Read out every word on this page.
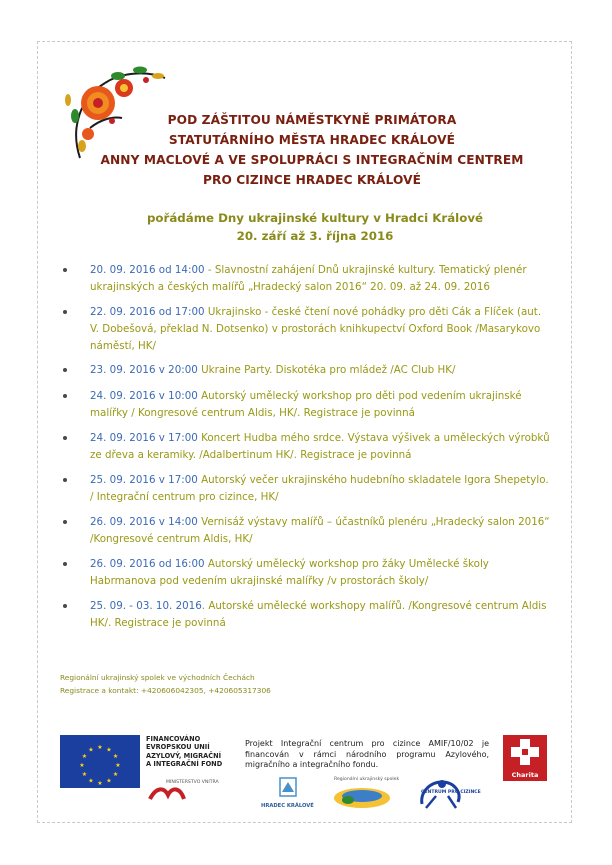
POD ZÁŠTITOU NÁMĚSTKYNĚ PRIMÁTORA
STATUTÁRNÍHO MĚSTA HRADEC KRÁLOVÉ
ANNY MACLOVÉ A VE SPOLUPRÁCI S INTEGRAČNÍM CENTREM
PRO CIZINCE HRADEC KRÁLOVÉ
pořádáme Dny ukrajinské kultury v Hradci Králové
20. září až 3. října 2016
20. 09. 2016 od 14:00 - Slavnostní zahájení Dnů ukrajinské kultury. Tematický plenér ukrajinských a českých malířů „Hradecký salon 2016“ 20. 09. až 24. 09. 2016
22. 09. 2016 od 17:00 Ukrajinsko - české čtení nové pohádky pro děti Cák a Flíček (aut. V. Dobešová, překlad N. Dotsenko) v prostorách knihkupectví Oxford Book /Masarykovo náměstí, HK/
23. 09. 2016 v 20:00 Ukraine Party. Diskotéka pro mládež /AC Club HK/
24. 09. 2016 v 10:00 Autorský umělecký workshop pro děti pod vedením ukrajinské malířky / Kongresové centrum Aldis, HK/. Registrace je povinná
24. 09. 2016 v 17:00 Koncert Hudba mého srdce. Výstava výšivek a uměleckých výrobků ze dřeva a keramiky. /Adalbertinum HK/. Registrace je povinná
25. 09. 2016 v 17:00 Autorský večer ukrajinského hudebního skladatele Igora Shepetylo. / Integrační centrum pro cizince, HK/
26. 09. 2016 v 14:00 Vernisáž výstavy malířů – účastníků plenéru „Hradecký salon 2016“ /Kongresové centrum Aldis, HK/
26. 09. 2016 od 16:00 Autorský umělecký workshop pro žáky Umělecké školy Habrmanova pod vedením ukrajinské malířky /v prostorách školy/
25. 09. - 03. 10. 2016. Autorské umělecké workshopy malířů. /Kongresové centrum Aldis HK/. Registrace je povinná
Regionální ukrajinský spolek ve východních Čechách
Registrace a kontakt: +420606042305, +420605317306
★ ★
★
★
★
★
★
★
★
★
★
★
FINANCOVÁNO
EVROPSKOU UNIÍ
AZYLOVÝ, MIGRAČNÍ
A INTEGRAČNÍ FOND
MINISTERSTVO VNITRA
HRADEC KRÁLOVÉ
Regionální ukrajinský spolek
CENTRUM PRO CIZINCE
Projekt Integrační centrum pro cizince AMIF/10/02 je financován v rámci národního programu Azylového, migračního a integračního fondu.
Charita
